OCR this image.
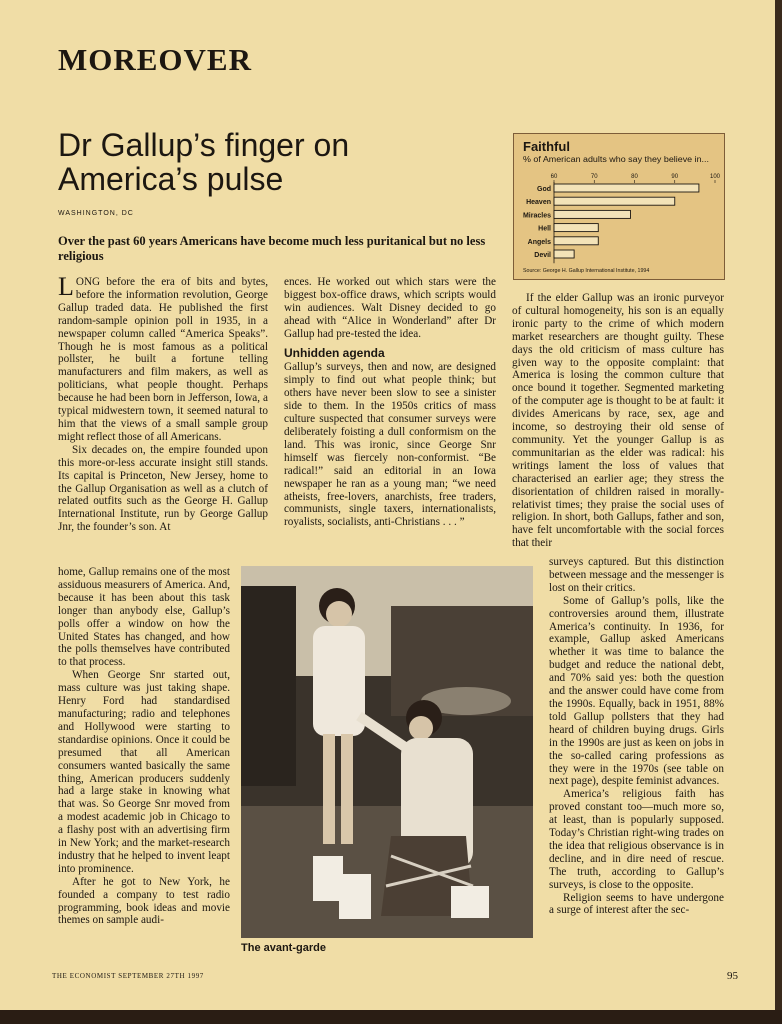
MOREOVER
Dr Gallup’s finger on America’s pulse
WASHINGTON, DC
Over the past 60 years Americans have become much less puritanical but no less religious

LONG before the era of bits and bytes, before the information revolution, George Gallup traded data. He published the first random-sample opinion poll in 1935, in a newspaper column called “America Speaks”. Though he is most famous as a political pollster, he built a fortune telling manufacturers and film makers, as well as politicians, what people thought. Perhaps because he had been born in Jefferson, Iowa, a typical midwestern town, it seemed natural to him that the views of a small sample group might reflect those of all Americans.

Six decades on, the empire founded upon this more-or-less accurate insight still stands. Its capital is Princeton, New Jersey, home to the Gallup Organisation as well as a clutch of related outfits such as the George H. Gallup International Institute, run by George Gallup Jnr, the founder’s son. At

home, Gallup remains one of the most assiduous measurers of America. And, because it has been about this task longer than anybody else, Gallup’s polls offer a window on how the United States has changed, and how the polls themselves have contributed to that process.

When George Snr started out, mass culture was just taking shape. Henry Ford had standardised manufacturing; radio and telephones and Hollywood were starting to standardise opinions. Once it could be presumed that all American consumers wanted basically the same thing, American producers suddenly had a large stake in knowing what that was. So George Snr moved from a modest academic job in Chicago to a flashy post with an advertising firm in New York; and the market-research industry that he helped to invent leapt into prominence.

After he got to New York, he founded a company to test radio programming, book ideas and movie themes on sample audi-

ences. He worked out which stars were the biggest box-office draws, which scripts would win audiences. Walt Disney decided to go ahead with “Alice in Wonderland” after Dr Gallup had pre-tested the idea.

Unhidden agenda

Gallup’s surveys, then and now, are designed simply to find out what people think; but others have never been slow to see a sinister side to them. In the 1950s critics of mass culture suspected that consumer surveys were deliberately foisting a dull conformism on the land. This was ironic, since George Snr himself was fiercely non-conformist. “Be radical!” said an editorial in an Iowa newspaper he ran as a young man; “we need atheists, free-lovers, anarchists, free traders, communists, single taxers, internationalists, royalists, socialists, anti-Christians . . . ”

If the elder Gallup was an ironic purveyor of cultural homogeneity, his son is an equally ironic party to the crime of which modern market researchers are thought guilty. These days the old criticism of mass culture has given way to the opposite complaint: that America is losing the common culture that once bound it together. Segmented marketing of the computer age is thought to be at fault: it divides Americans by race, sex, age and income, so destroying their old sense of community. Yet the younger Gallup is as communitarian as the elder was radical: his writings lament the loss of values that characterised an earlier age; they stress the disorientation of children raised in morally-relativist times; they praise the social uses of religion. In short, both Gallups, father and son, have felt uncomfortable with the social forces that their

surveys captured. But this distinction between message and the messenger is lost on their critics.

Some of Gallup’s polls, like the controversies around them, illustrate America’s continuity. In 1936, for example, Gallup asked Americans whether it was time to balance the budget and reduce the national debt, and 70% said yes: both the question and the answer could have come from the 1990s. Equally, back in 1951, 88% told Gallup pollsters that they had heard of children buying drugs. Girls in the 1990s are just as keen on jobs in the so-called caring professions as they were in the 1970s (see table on next page), despite feminist advances.

America’s religious faith has proved constant too—much more so, at least, than is popularly supposed. Today’s Christian right-wing trades on the idea that religious observance is in decline, and in dire need of rescue. The truth, according to Gallup’s surveys, is close to the opposite.

Religion seems to have undergone a surge of interest after the sec-

The avant-garde
Faithful
% of American adults who say they believe in...
Source: George H. Gallup International Institute, 1994
60	70	80	90	100
God
Heaven
Miracles
Hell
Angels
Devil
THE ECONOMIST SEPTEMBER 27TH 1997	95
